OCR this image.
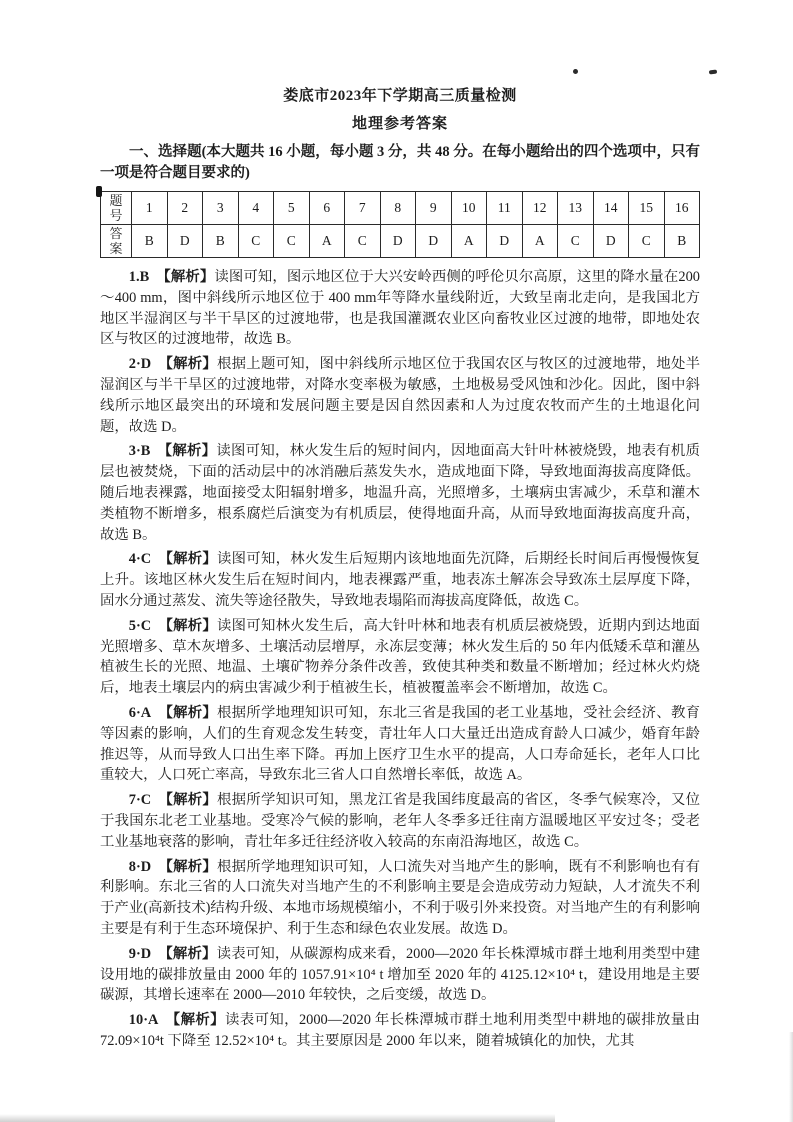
娄底市2023年下学期高三质量检测
地理参考答案

一、选择题(本大题共 16 小题，每小题 3 分，共 48 分。在每小题给出的四个选项中，只有一项是符合题目要求的)

题号	1	2	3	4	5	6	7	8	9	10	11	12	13	14	15	16
答案	B	D	B	C	C	A	C	D	D	A	D	A	C	D	C	B

1.B 【解析】读图可知，图示地区位于大兴安岭西侧的呼伦贝尔高原，这里的降水量在200～400 mm，图中斜线所示地区位于 400 mm年等降水量线附近，大致呈南北走向，是我国北方地区半湿润区与半干旱区的过渡地带，也是我国灌溉农业区向畜牧业区过渡的地带，即地处农区与牧区的过渡地带，故选 B。

2·D 【解析】根据上题可知，图中斜线所示地区位于我国农区与牧区的过渡地带，地处半湿润区与半干旱区的过渡地带，对降水变率极为敏感，土地极易受风蚀和沙化。因此，图中斜线所示地区最突出的环境和发展问题主要是因自然因素和人为过度农牧而产生的土地退化问题，故选 D。

3·B 【解析】读图可知，林火发生后的短时间内，因地面高大针叶林被烧毁，地表有机质层也被焚烧，下面的活动层中的冰消融后蒸发失水，造成地面下降，导致地面海拔高度降低。随后地表裸露，地面接受太阳辐射增多，地温升高，光照增多，土壤病虫害减少，禾草和灌木类植物不断增多，根系腐烂后演变为有机质层，使得地面升高，从而导致地面海拔高度升高，故选 B。

4·C 【解析】读图可知，林火发生后短期内该地地面先沉降，后期经长时间后再慢慢恢复上升。该地区林火发生后在短时间内，地表裸露严重，地表冻土解冻会导致冻土层厚度下降，固水分通过蒸发、流失等途径散失，导致地表塌陷而海拔高度降低，故选 C。

5·C 【解析】读图可知林火发生后，高大针叶林和地表有机质层被烧毁，近期内到达地面光照增多、草木灰增多、土壤活动层增厚，永冻层变薄；林火发生后的 50 年内低矮禾草和灌丛植被生长的光照、地温、土壤矿物养分条件改善，致使其种类和数量不断增加；经过林火灼烧后，地表土壤层内的病虫害减少利于植被生长，植被覆盖率会不断增加，故选 C。

6·A 【解析】根据所学地理知识可知，东北三省是我国的老工业基地，受社会经济、教育等因素的影响，人们的生育观念发生转变，青壮年人口大量迁出造成育龄人口减少，婚育年龄推迟等，从而导致人口出生率下降。再加上医疗卫生水平的提高，人口寿命延长，老年人口比重较大，人口死亡率高，导致东北三省人口自然增长率低，故选 A。

7·C 【解析】根据所学知识可知，黑龙江省是我国纬度最高的省区，冬季气候寒冷，又位于我国东北老工业基地。受寒冷气候的影响，老年人冬季多迁往南方温暖地区平安过冬；受老工业基地衰落的影响，青壮年多迁往经济收入较高的东南沿海地区，故选 C。

8·D 【解析】根据所学地理知识可知，人口流失对当地产生的影响，既有不利影响也有有利影响。东北三省的人口流失对当地产生的不利影响主要是会造成劳动力短缺，人才流失不利于产业(高新技术)结构升级、本地市场规模缩小，不利于吸引外来投资。对当地产生的有利影响主要是有利于生态环境保护、利于生态和绿色农业发展。故选 D。

9·D 【解析】读表可知，从碳源构成来看，2000—2020 年长株潭城市群土地利用类型中建设用地的碳排放量由 2000 年的 1057.91×10⁴ t 增加至 2020 年的 4125.12×10⁴ t，建设用地是主要碳源，其增长速率在 2000—2010 年较快，之后变缓，故选 D。

10·A 【解析】读表可知，2000—2020 年长株潭城市群土地利用类型中耕地的碳排放量由 72.09×10⁴t 下降至 12.52×10⁴ t。其主要原因是 2000 年以来，随着城镇化的加快，尤其
